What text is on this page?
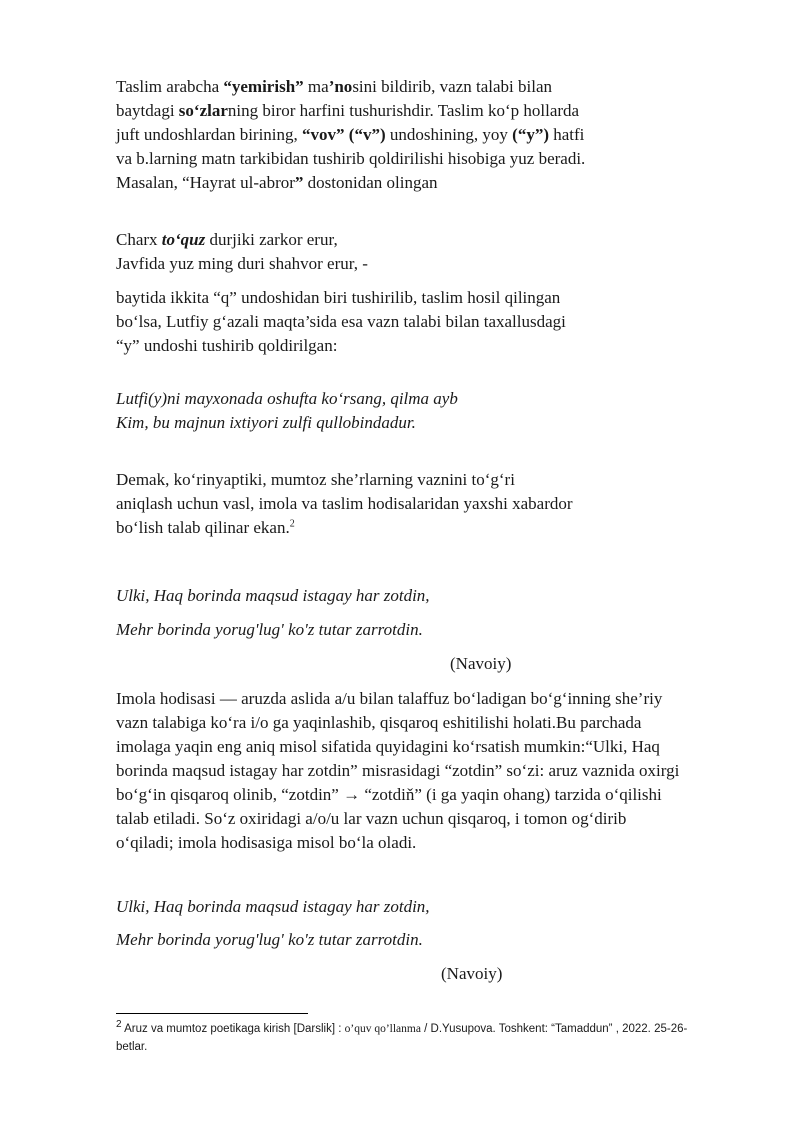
Taslim arabcha “yemirish” ma’nosini bildirib, vazn talabi bilan

baytdagi so‘zlarning biror harfini tushurishdir. Taslim ko‘p hollarda

juft undoshlardan birining, “vov” (“v”) undoshining, yoy (“y”) hatfi

va b.larning matn tarkibidan tushirib qoldirilishi hisobiga yuz beradi.

Masalan, “Hayrat ul-abror” dostonidan olingan

Charx to‘quz durjiki zarkor erur,

Javfida yuz ming duri shahvor erur, -

baytida ikkita “q” undoshidan biri tushirilib, taslim hosil qilingan

bo‘lsa, Lutfiy g‘azali maqta’sida esa vazn talabi bilan taxallusdagi

“y” undoshi tushirib qoldirilgan:

Lutfi(y)ni mayxonada oshufta ko‘rsang, qilma ayb

Kim, bu majnun ixtiyori zulfi qullobindadur.

Demak, ko‘rinyaptiki, mumtoz she’rlarning vaznini to‘g‘ri

aniqlash uchun vasl, imola va taslim hodisalaridan yaxshi xabardor

bo‘lish talab qilinar ekan.$^2$

Ulki, Haq borinda maqsud istagay har zotdin,

Mehr borinda yorug'lug' ko'z tutar zarrotdin.

(Navoiy)

Imola hodisasi — aruzda aslida a/u bilan talaffuz bo‘ladigan bo‘g‘inning she’riy

vazn talabiga ko‘ra i/o ga yaqinlashib, qisqaroq eshitilishi holati.Bu parchada

imolaga yaqin eng aniq misol sifatida quyidagini ko‘rsatish mumkin:“Ulki, Haq

borinda maqsud istagay har zotdin” misrasidagi “zotdin” so‘zi: aruz vaznida oxirgi

bo‘g‘in qisqaroq olinib, “zotdin” → “zotdiň” (i ga yaqin ohang) tarzida o‘qilishi

talab etiladi. So‘z oxiridagi a/o/u lar vazn uchun qisqaroq, i tomon og‘dirib

o‘qiladi; imola hodisasiga misol bo‘la oladi.

Ulki, Haq borinda maqsud istagay har zotdin,

Mehr borinda yorug'lug' ko'z tutar zarrotdin.

(Navoiy)

$^2$ Aruz va mumtoz poetikaga kirish [Darslik] : o’quv qo’llanma / D.Yusupova. Toshkent: “Tamaddun” , 2022. 25-26-
betlar.
